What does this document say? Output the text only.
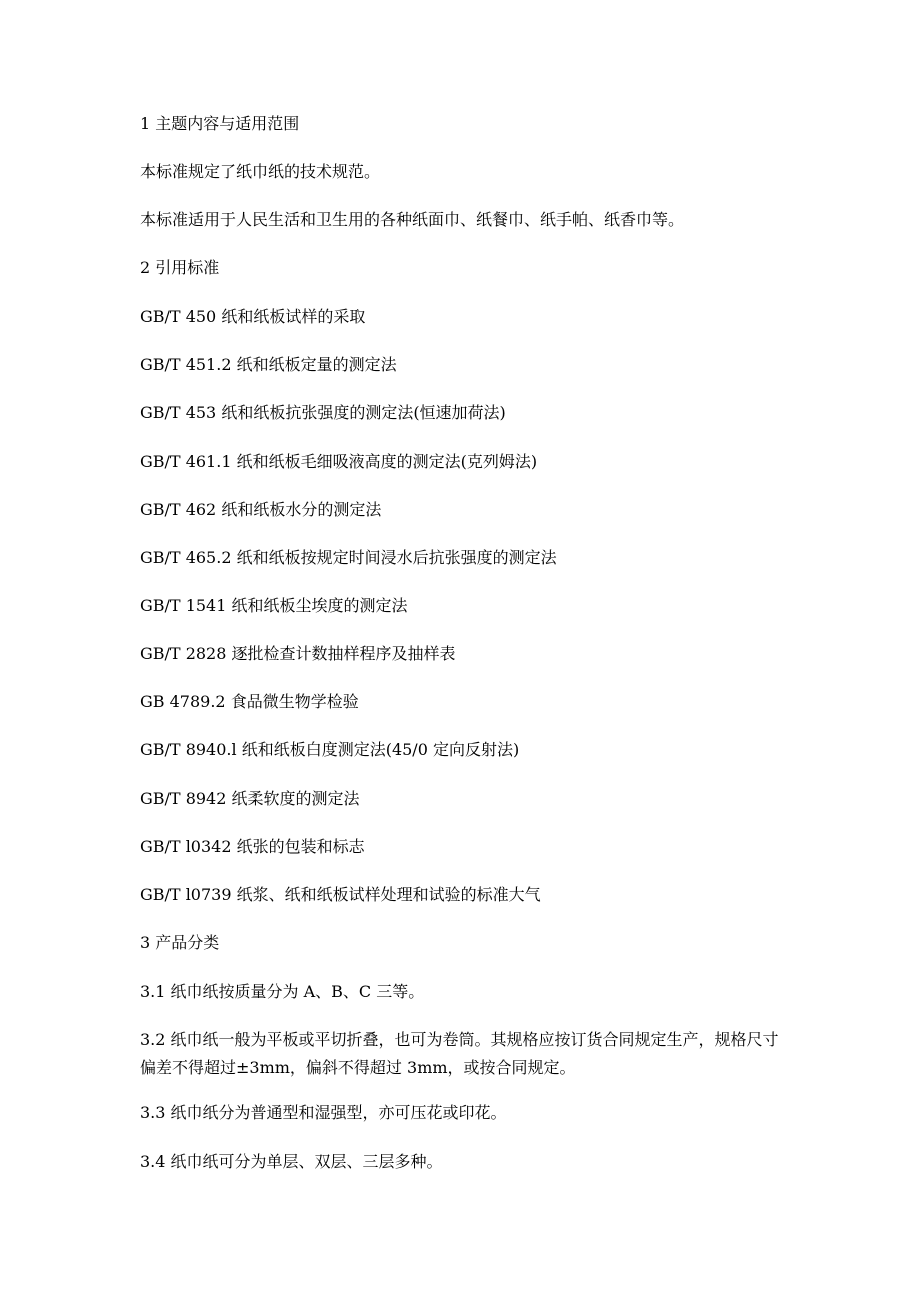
1 主题内容与适用范围
本标准规定了纸巾纸的技术规范。
本标准适用于人民生活和卫生用的各种纸面巾、纸餐巾、纸手帕、纸香巾等。
2 引用标准
GB/T 450 纸和纸板试样的采取
GB/T 451.2 纸和纸板定量的测定法
GB/T 453 纸和纸板抗张强度的测定法(恒速加荷法)
GB/T 461.1 纸和纸板毛细吸液高度的测定法(克列姆法)
GB/T 462 纸和纸板水分的测定法
GB/T 465.2 纸和纸板按规定时间浸水后抗张强度的测定法
GB/T 1541 纸和纸板尘埃度的测定法
GB/T 2828 逐批检查计数抽样程序及抽样表
GB 4789.2 食品微生物学检验
GB/T 8940.l 纸和纸板白度测定法(45/0 定向反射法)
GB/T 8942 纸柔软度的测定法
GB/T l0342 纸张的包装和标志
GB/T l0739 纸浆、纸和纸板试样处理和试验的标准大气
3 产品分类
3.1 纸巾纸按质量分为 A、B、C 三等。
3.2 纸巾纸一般为平板或平切折叠，也可为卷筒。其规格应按订货合同规定生产，规格尺寸偏差不得超过±3mm，偏斜不得超过 3mm，或按合同规定。
3.3 纸巾纸分为普通型和湿强型，亦可压花或印花。
3.4 纸巾纸可分为单层、双层、三层多种。
